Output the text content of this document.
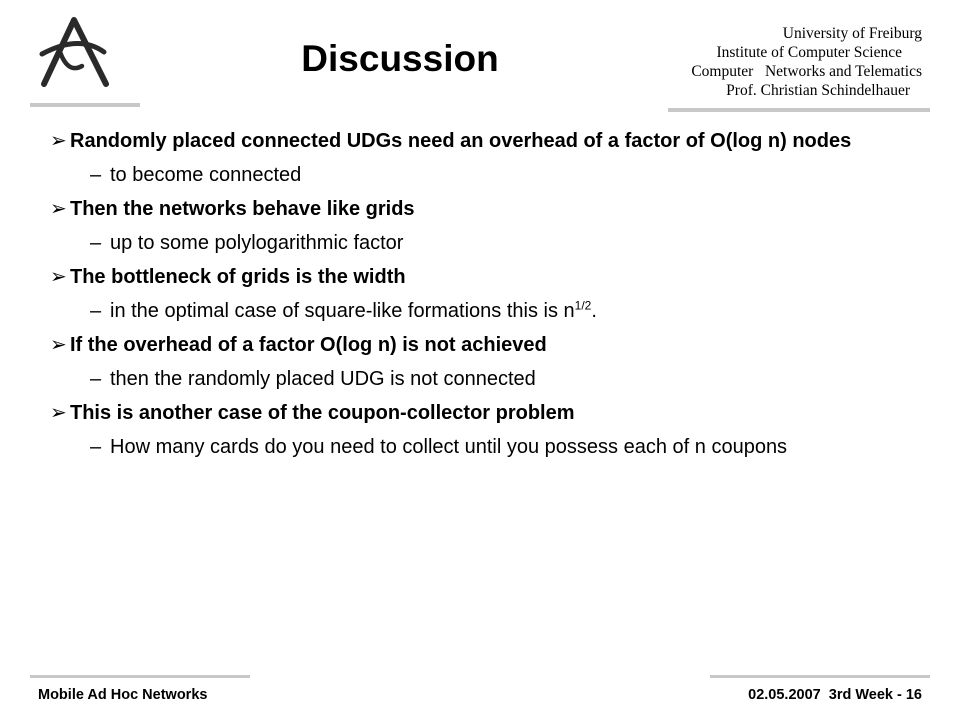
Discussion
University of Freiburg
Institute of Computer Science
Computer   Networks and Telematics
Prof. Christian Schindelhauer
➢ Randomly placed connected UDGs need an overhead of a factor of O(log n) nodes
– to become connected
➢ Then the networks behave like grids
– up to some polylogarithmic factor
➢ The bottleneck of grids is the width
– in the optimal case of square-like formations this is $n^{1/2}$.
➢ If the overhead of a factor O(log n) is not achieved
– then the randomly placed UDG is not connected
➢ This is another case of the coupon-collector problem
– How many cards do you need to collect until you possess each of n coupons
Mobile Ad Hoc Networks	02.05.2007  3rd Week - 16
